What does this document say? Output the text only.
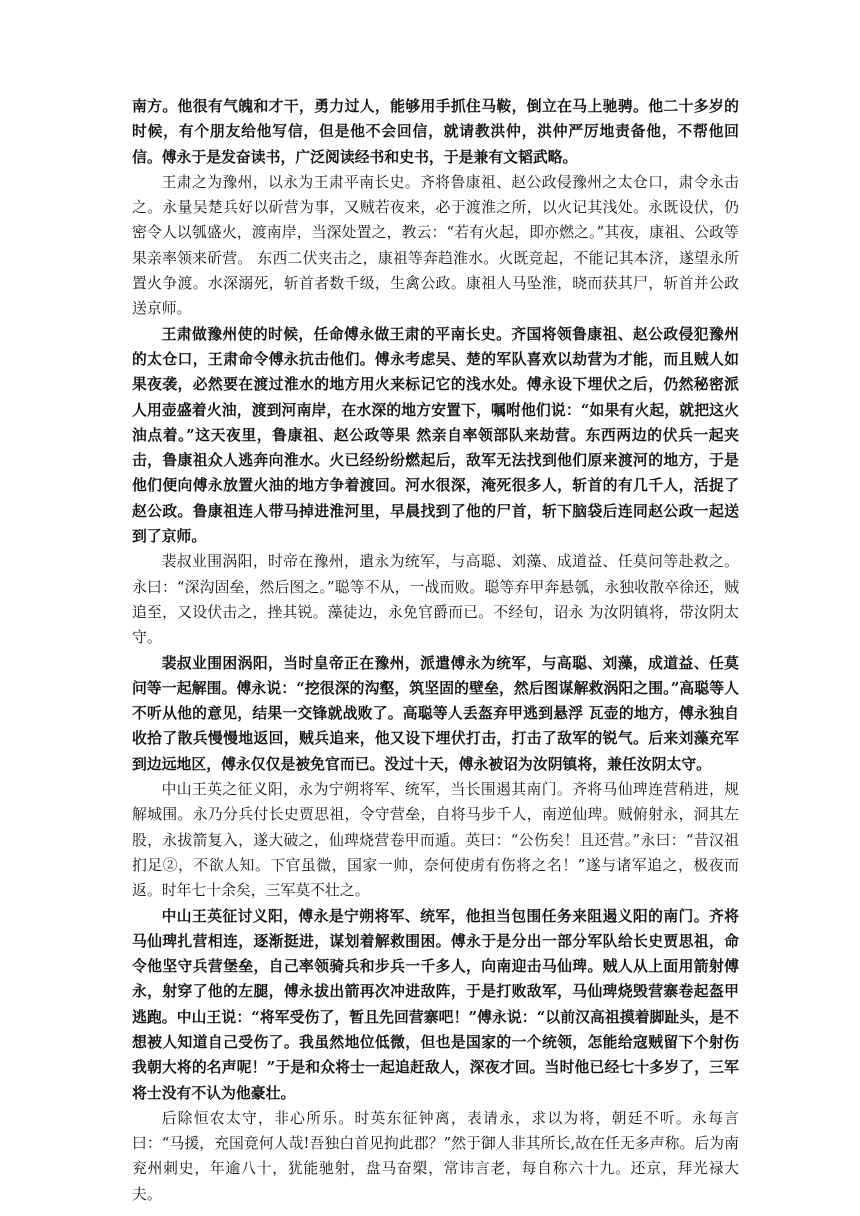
南方。他很有气魄和才干，勇力过人，能够用手抓住马鞍，倒立在马上驰骋。他二十多岁的时候，有个朋友给他写信，但是他不会回信，就请教洪仲，洪仲严厉地责备他，不帮他回信。傅永于是发奋读书，广泛阅读经书和史书，于是兼有文韬武略。

王肃之为豫州，以永为王肃平南长史。齐将鲁康祖、赵公政侵豫州之太仓口，肃令永击之。永量吴楚兵好以斫营为事，又贼若夜来，必于渡淮之所，以火记其浅处。永既设伏，仍密令人以瓠盛火，渡南岸，当深处置之，教云：“若有火起，即亦燃之。”其夜，康祖、公政等果亲率领来斫营。 东西二伏夹击之，康祖等奔趋淮水。火既竞起，不能记其本济，遂望永所置火争渡。水深溺死，斩首者数千级，生禽公政。康祖人马坠淮，晓而获其尸，斩首并公政送京师。

王肃做豫州使的时候，任命傅永做王肃的平南长史。齐国将领鲁康祖、赵公政侵犯豫州的太仓口，王肃命令傅永抗击他们。傅永考虑吴、楚的军队喜欢以劫营为才能，而且贼人如果夜袭，必然要在渡过淮水的地方用火来标记它的浅水处。傅永设下埋伏之后，仍然秘密派人用壶盛着火油，渡到河南岸，在水深的地方安置下，嘱咐他们说：“如果有火起，就把这火油点着。”这天夜里，鲁康祖、赵公政等果 然亲自率领部队来劫营。东西两边的伏兵一起夹击，鲁康祖众人逃奔向淮水。火已经纷纷燃起后，敌军无法找到他们原来渡河的地方，于是他们便向傅永放置火油的地方争着渡回。河水很深，淹死很多人，斩首的有几千人，活捉了赵公政。鲁康祖连人带马掉进淮河里，早晨找到了他的尸首，斩下脑袋后连同赵公政一起送到了京师。

裴叔业围涡阳，时帝在豫州，遣永为统军，与高聪、刘藻、成道益、任莫问等赴救之。永曰：“深沟固垒，然后图之。”聪等不从，一战而败。聪等弃甲奔悬瓠，永独收散卒徐还，贼追至，又设伏击之，挫其锐。藻徒边，永免官爵而已。不经旬，诏永 为汝阴镇将，带汝阴太守。

裴叔业围困涡阳，当时皇帝正在豫州，派遣傅永为统军，与高聪、刘藻，成道益、任莫问等一起解围。傅永说：“挖很深的沟壑，筑坚固的壁垒，然后图谋解救涡阳之围。”高聪等人不听从他的意见，结果一交锋就战败了。高聪等人丢盔弃甲逃到悬浮 瓦壶的地方，傅永独自收拾了散兵慢慢地返回，贼兵追来，他又设下埋伏打击，打击了敌军的锐气。后来刘藻充军到边远地区，傅永仅仅是被免官而已。没过十天，傅永被诏为汝阴镇将，兼任汝阴太守。

中山王英之征义阳，永为宁朔将军、统军，当长围遏其南门。齐将马仙琕连营稍进，规解城围。永乃分兵付长史贾思祖，令守营垒，自将马步千人，南逆仙琕。贼俯射永，洞其左股，永拔箭复入，遂大破之，仙琕烧营卷甲而遁。英曰：“公伤矣！且还营。”永曰：“昔汉祖扪足②，不欲人知。下官虽微，国家一帅，奈何使虏有伤将之名！”遂与诸军追之，极夜而返。时年七十余矣，三军莫不壮之。

中山王英征讨义阳，傅永是宁朔将军、统军，他担当包围任务来阻遏义阳的南门。齐将马仙琕扎营相连，逐渐挺进，谋划着解救围困。傅永于是分出一部分军队给长史贾思祖，命令他坚守兵营堡垒，自己率领骑兵和步兵一千多人，向南迎击马仙琕。贼人从上面用箭射傅永，射穿了他的左腿，傅永拔出箭再次冲进敌阵，于是打败敌军，马仙琕烧毁营寨卷起盔甲逃跑。中山王说：“将军受伤了，暂且先回营寨吧！”傅永说：“以前汉高祖摸着脚趾头，是不想被人知道自己受伤了。我虽然地位低微，但也是国家的一个统领，怎能给寇贼留下个射伤我朝大将的名声呢！”于是和众将士一起追赶敌人，深夜才回。当时他已经七十多岁了，三军将士没有不认为他豪壮。

后除恒农太守，非心所乐。时英东征钟离，表请永，求以为将，朝廷不听。永每言曰：“马援，充国竟何人哉!吾独白首见拘此郡？”然于御人非其所长,故在任无多声称。后为南兖州刺史，年逾八十，犹能驰射，盘马奋槊，常讳言老，每自称六十九。还京，拜光禄大夫。
